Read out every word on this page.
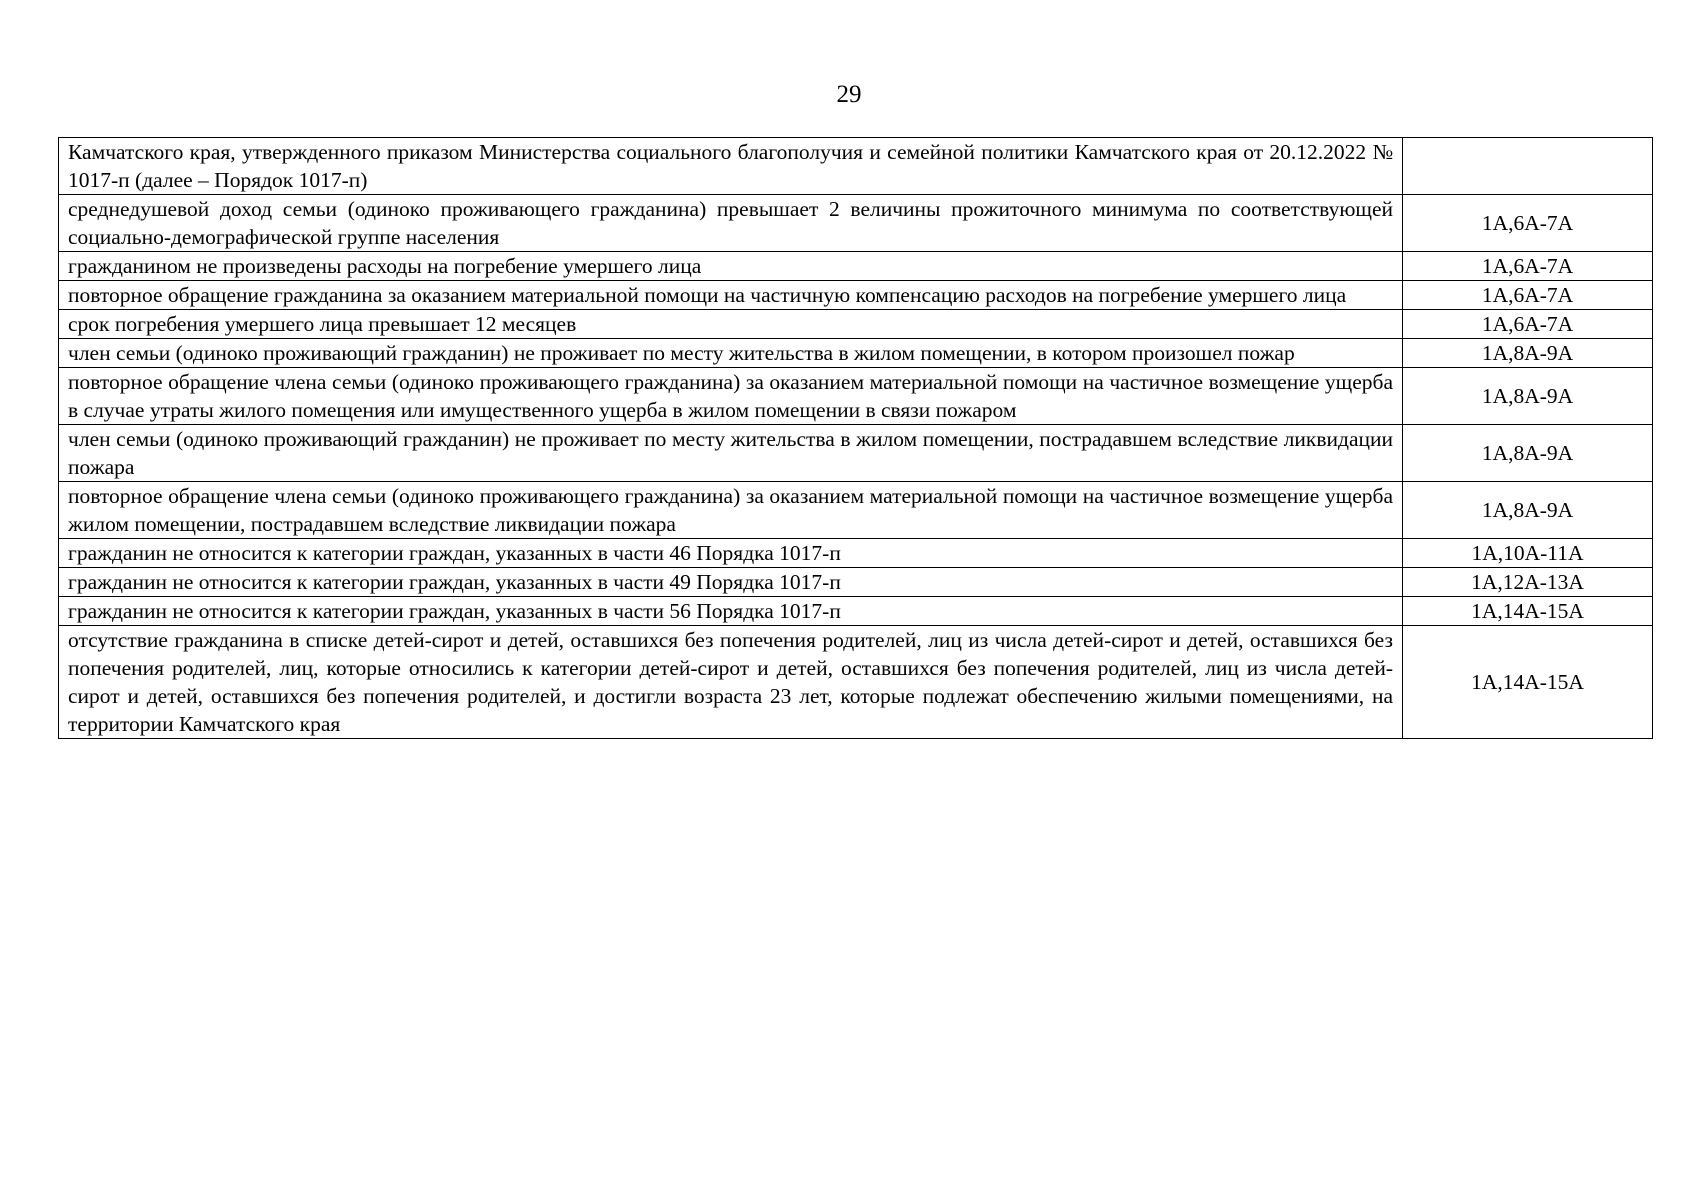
29
Камчатского края, утвержденного приказом Министерства социального благополучия и семейной политики Камчатского края от 20.12.2022 № 1017-п (далее – Порядок 1017-п)	
среднедушевой доход семьи (одиноко проживающего гражданина) превышает 2 величины прожиточного минимума по соответствующей социально-демографической группе населения	1А,6А-7А
гражданином не произведены расходы на погребение умершего лица	1А,6А-7А
повторное обращение гражданина за оказанием материальной помощи на частичную компенсацию расходов на погребение умершего лица	1А,6А-7А
срок погребения умершего лица превышает 12 месяцев	1А,6А-7А
член семьи (одиноко проживающий гражданин) не проживает по месту жительства в жилом помещении, в котором произошел пожар	1А,8А-9А
повторное обращение члена семьи (одиноко проживающего гражданина) за оказанием материальной помощи на частичное возмещение ущерба в случае утраты жилого помещения или имущественного ущерба в жилом помещении в связи пожаром	1А,8А-9А
член семьи (одиноко проживающий гражданин) не проживает по месту жительства в жилом помещении, пострадавшем вследствие ликвидации пожара	1А,8А-9А
повторное обращение члена семьи (одиноко проживающего гражданина) за оказанием материальной помощи на частичное возмещение ущерба жилом помещении, пострадавшем вследствие ликвидации пожара	1А,8А-9А
гражданин не относится к категории граждан, указанных в части 46 Порядка 1017-п	1А,10А-11А
гражданин не относится к категории граждан, указанных в части 49 Порядка 1017-п	1А,12А-13А
гражданин не относится к категории граждан, указанных в части 56 Порядка 1017-п	1А,14А-15А
отсутствие гражданина в списке детей-сирот и детей, оставшихся без попечения родителей, лиц из числа детей-сирот и детей, оставшихся без попечения родителей, лиц, которые относились к категории детей-сирот и детей, оставшихся без попечения родителей, лиц из числа детей-сирот и детей, оставшихся без попечения родителей, и достигли возраста 23 лет, которые подлежат обеспечению жилыми помещениями, на территории Камчатского края	1А,14А-15А
